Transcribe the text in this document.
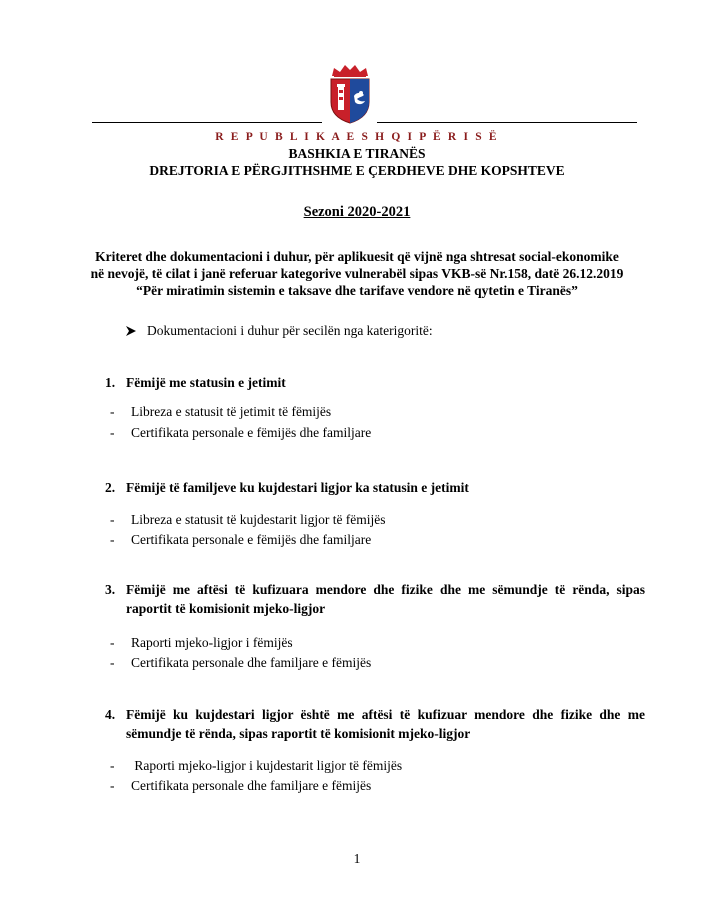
R E P U B L I K A E S H Q I P Ë R I S Ë
BASHKIA E TIRANËS
DREJTORIA E PËRGJITHSHME E ÇERDHEVE DHE KOPSHTEVE
Sezoni 2020-2021
Kriteret dhe dokumentacioni i duhur, për aplikuesit që vijnë nga shtresat social-ekonomike
në nevojë, të cilat i janë referuar kategorive vulnerabël sipas VKB-së Nr.158, datë 26.12.2019
“Për miratimin sistemin e taksave dhe tarifave vendore në qytetin e Tiranës”
Dokumentacioni i duhur për secilën nga katerigoritë:
1. Fëmijë me statusin e jetimit
- Libreza e statusit të jetimit të fëmijës
- Certifikata personale e fëmijës dhe familjare
2. Fëmijë të familjeve ku kujdestari ligjor ka statusin e jetimit
- Libreza e statusit të kujdestarit ligjor të fëmijës
- Certifikata personale e fëmijës dhe familjare
3. Fëmijë me aftësi të kufizuara mendore dhe fizike dhe me sëmundje të rënda, sipas raportit të komisionit mjeko-ligjor
- Raporti mjeko-ligjor i fëmijës
- Certifikata personale dhe familjare e fëmijës
4. Fëmijë ku kujdestari ligjor është me aftësi të kufizuar mendore dhe fizike dhe me sëmundje të rënda, sipas raportit të komisionit mjeko-ligjor
- Raporti mjeko-ligjor i kujdestarit ligjor të fëmijës
- Certifikata personale dhe familjare e fëmijës
1
